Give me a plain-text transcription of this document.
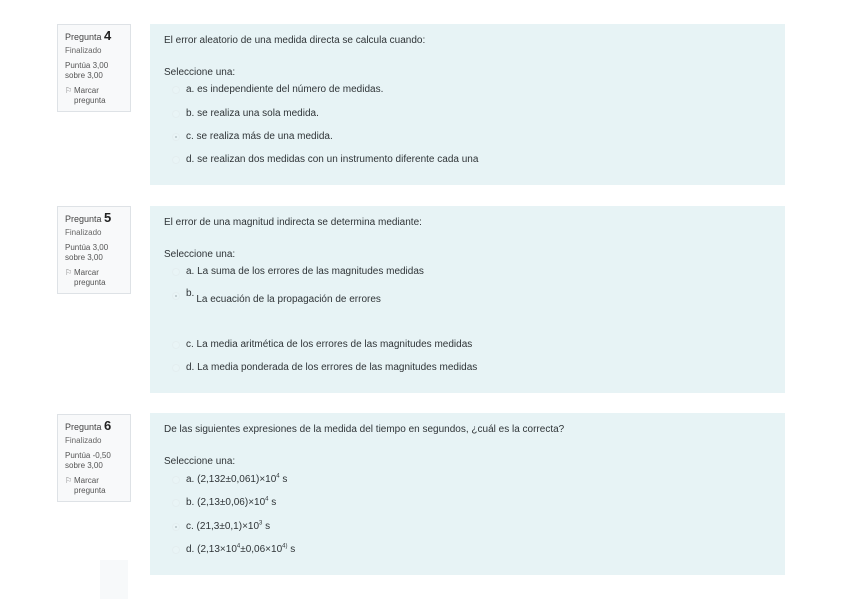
Pregunta 4
Finalizado
Puntúa 3,00 sobre 3,00
⚐ Marcar pregunta
El error aleatorio de una medida directa se calcula cuando:
Seleccione una:
a. es independiente del número de medidas.
b. se realiza una sola medida.
c. se realiza más de una medida.
d. se realizan dos medidas con un instrumento diferente cada una
Pregunta 5
Finalizado
Puntúa 3,00 sobre 3,00
⚐ Marcar pregunta
El error de una magnitud indirecta se determina mediante:
Seleccione una:
a. La suma de los errores de las magnitudes medidas
b.
La ecuación de la propagación de errores
c. La media aritmética de los errores de las magnitudes medidas
d. La media ponderada de los errores de las magnitudes medidas
Pregunta 6
Finalizado
Puntúa -0,50 sobre 3,00
⚐ Marcar pregunta
De las siguientes expresiones de la medida del tiempo en segundos, ¿cuál es la correcta?
Seleccione una:
a. $(2,132\pm 0,061)\times 10^4$ s
b. $(2,13\pm 0,06)\times 10^4$ s
c. $(21,3\pm 0,1)\times 10^3$ s
d. ($2,13\times 10^4\pm 0,06\times 10^{4)}$ s
